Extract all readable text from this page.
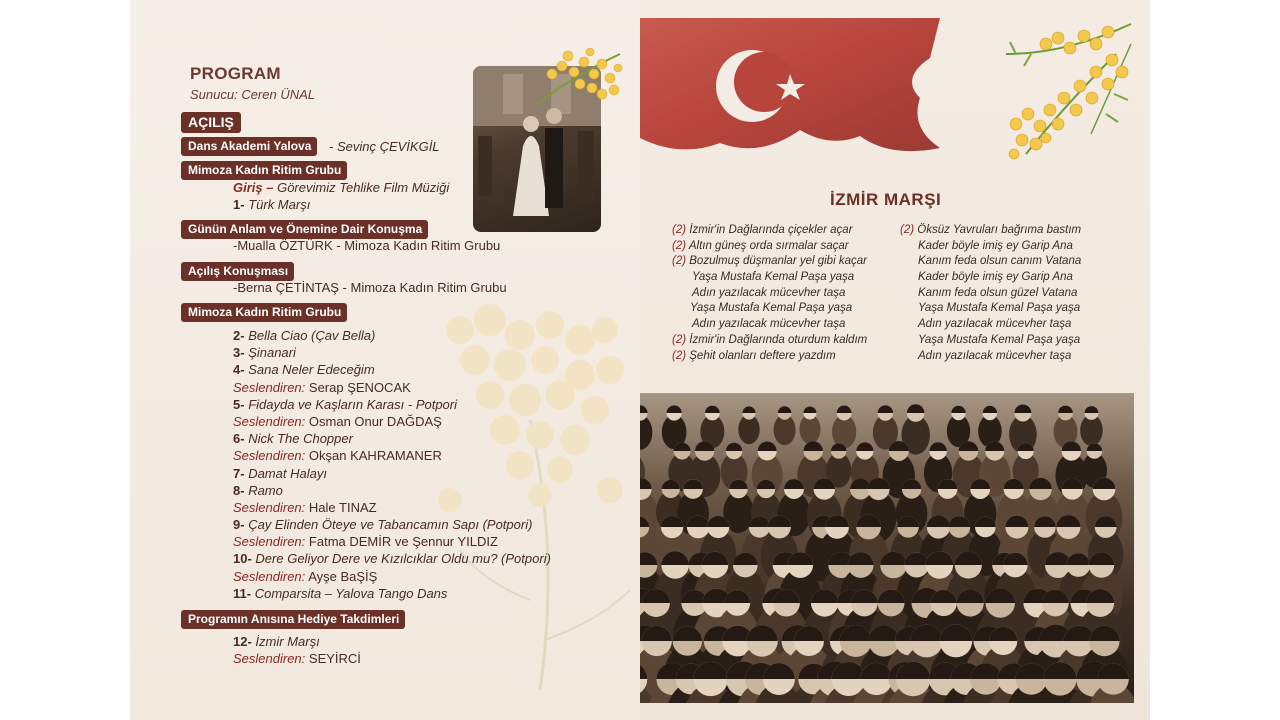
PROGRAM
Sunucu: Ceren ÜNAL
AÇILIŞ
Dans Akademi Yalova	- Sevinç ÇEVİKGİL
Mimoza Kadın Ritim Grubu
Giriş – Görevimiz Tehlike Film Müziği
1- Türk Marşı
Günün Anlam ve Önemine Dair Konuşma
-Mualla ÖZTÜRK - Mimoza Kadın Ritim Grubu
Açılış Konuşması
-Berna ÇETİNTAŞ - Mimoza Kadın Ritim Grubu
Mimoza Kadın Ritim Grubu
2- Bella Ciao (Çav Bella)
3- Şinanari
4- Sana Neler Edeceğim
Seslendiren: Serap ŞENOCAK
5- Fidayda ve Kaşların Karası - Potpori
Seslendiren: Osman Onur DAĞDAŞ
6- Nick The Chopper
Seslendiren: Okşan KAHRAMANER
7- Damat Halayı
8- Ramo
Seslendiren: Hale TINAZ
9- Çay Elinden Öteye ve Tabancamın Sapı (Potpori)
Seslendiren: Fatma DEMİR ve Şennur YILDIZ
10- Dere Geliyor Dere ve Kızılcıklar Oldu mu? (Potpori)
Seslendiren: Ayşe BaŞİŞ
11- Comparsita – Yalova Tango Dans
Programın Anısına Hediye Takdimleri
12- İzmir Marşı
Seslendiren: SEYİRCİ
İZMİR MARŞI
(2) İzmir'in Dağlarında çiçekler açar
(2) Altın güneş orda sırmalar saçar
(2) Bozulmuş düşmanlar yel gibi kaçar
Yaşa Mustafa Kemal Paşa yaşa
Adın yazılacak mücevher taşa
Yaşa Mustafa Kemal Paşa yaşa
Adın yazılacak mücevher taşa
(2) İzmir'in Dağlarında oturdum kaldım
(2) Şehit olanları deftere yazdım
(2) Öksüz Yavruları bağrıma bastım
Kader böyle imiş ey Garip Ana
Kanım feda olsun canım Vatana
Kader böyle imiş ey Garip Ana
Kanım feda olsun güzel Vatana
Yaşa Mustafa Kemal Paşa yaşa
Adın yazılacak mücevher taşa
Yaşa Mustafa Kemal Paşa yaşa
Adın yazılacak mücevher taşa
